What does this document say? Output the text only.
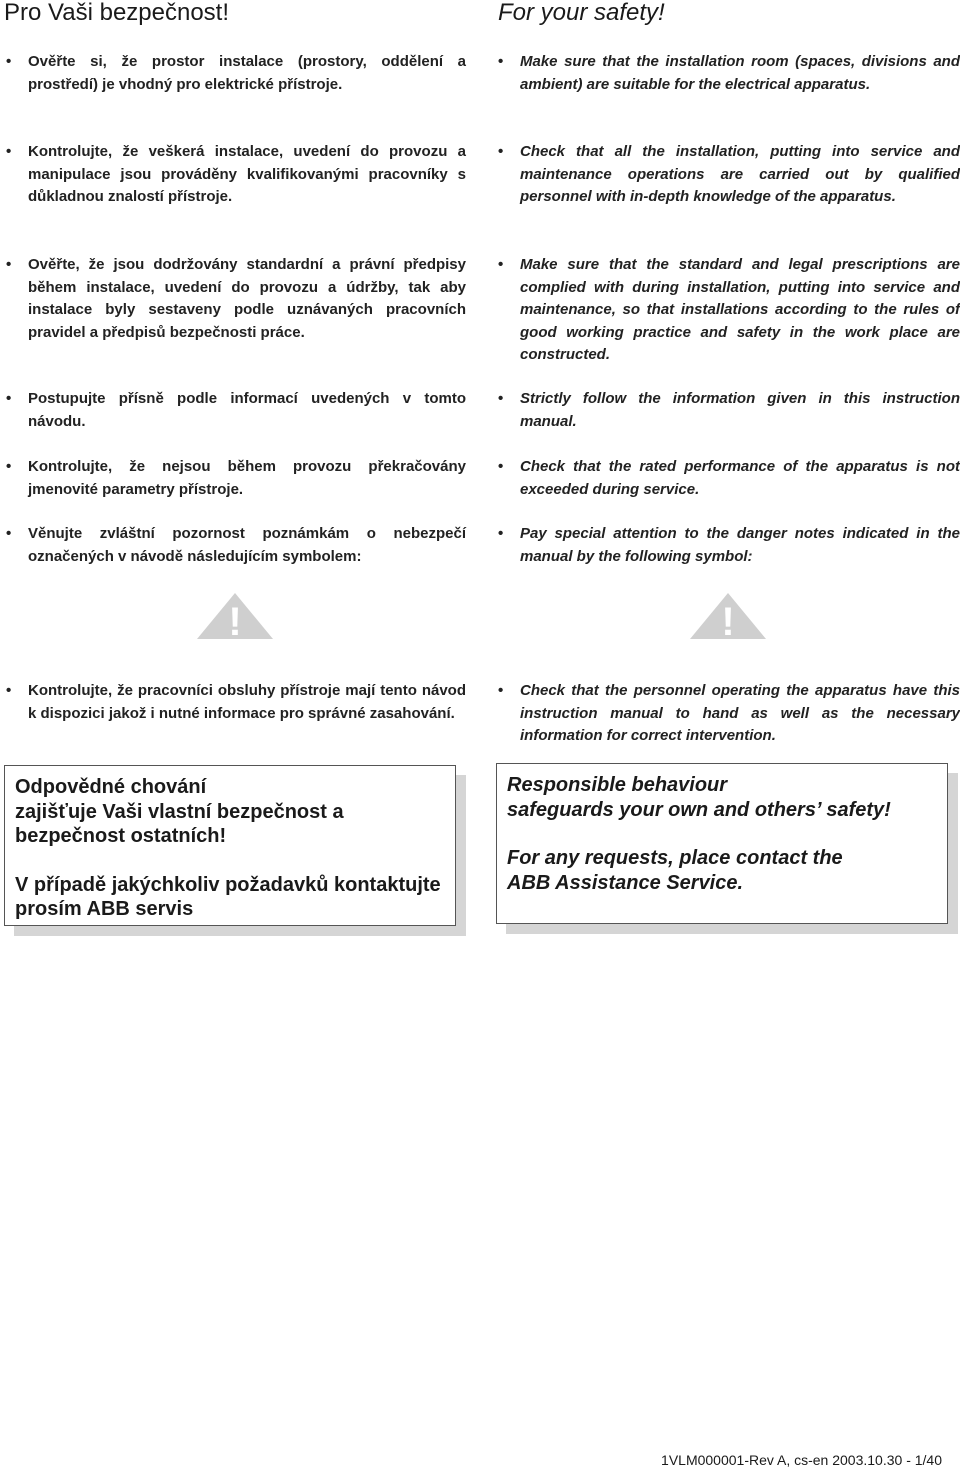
Pro Vaši bezpečnost!
• Ověřte si, že prostor instalace (prostory, oddělení a prostředí) je vhodný pro elektrické přístroje.
• Kontrolujte, že veškerá instalace, uvedení do provozu a manipulace jsou prováděny kvalifikovanými pracovníky s důkladnou znalostí přístroje.
• Ověřte, že jsou dodržovány standardní a právní předpisy během instalace, uvedení do provozu a údržby, tak aby instalace byly sestaveny podle uznávaných pracovních pravidel a předpisů bezpečnosti práce.
• Postupujte přísně podle informací uvedených v tomto návodu.
• Kontrolujte, že nejsou během provozu překračovány jmenovité parametry přístroje.
• Věnujte zvláštní pozornost poznámkám o nebezpečí označených v návodě následujícím symbolem:
!
• Kontrolujte, že pracovníci obsluhy přístroje mají tento návod k dispozici jakož i nutné informace pro správné zasahování.

Odpovědné chování

zajišťuje Vaši vlastní bezpečnost a

bezpečnost ostatních!

V případě jakýchkoliv požadavků kontaktujte

prosím ABB servis

For your safety!
• Make sure that the installation room (spaces, divisions and ambient) are suitable for the electrical apparatus.
• Check that all the installation, putting into service and maintenance operations are carried out by qualified personnel with in-depth knowledge of the apparatus.
• Make sure that the standard and legal prescriptions are complied with during installation, putting into service and maintenance, so that installations according to the rules of good working practice and safety in the work place are constructed.
• Strictly follow the information given in this instruction manual.
• Check that the rated performance of the apparatus is not exceeded during service.
• Pay special attention to the danger notes indicated in the manual by the following symbol:
!
• Check that the personnel operating the apparatus have this instruction manual to hand as well as the necessary information for correct intervention.

Responsible behaviour

safeguards your own and others’ safety!

For any requests, place contact the

ABB Assistance Service.

1VLM000001-Rev A, cs-en 2003.10.30 - 1/40
